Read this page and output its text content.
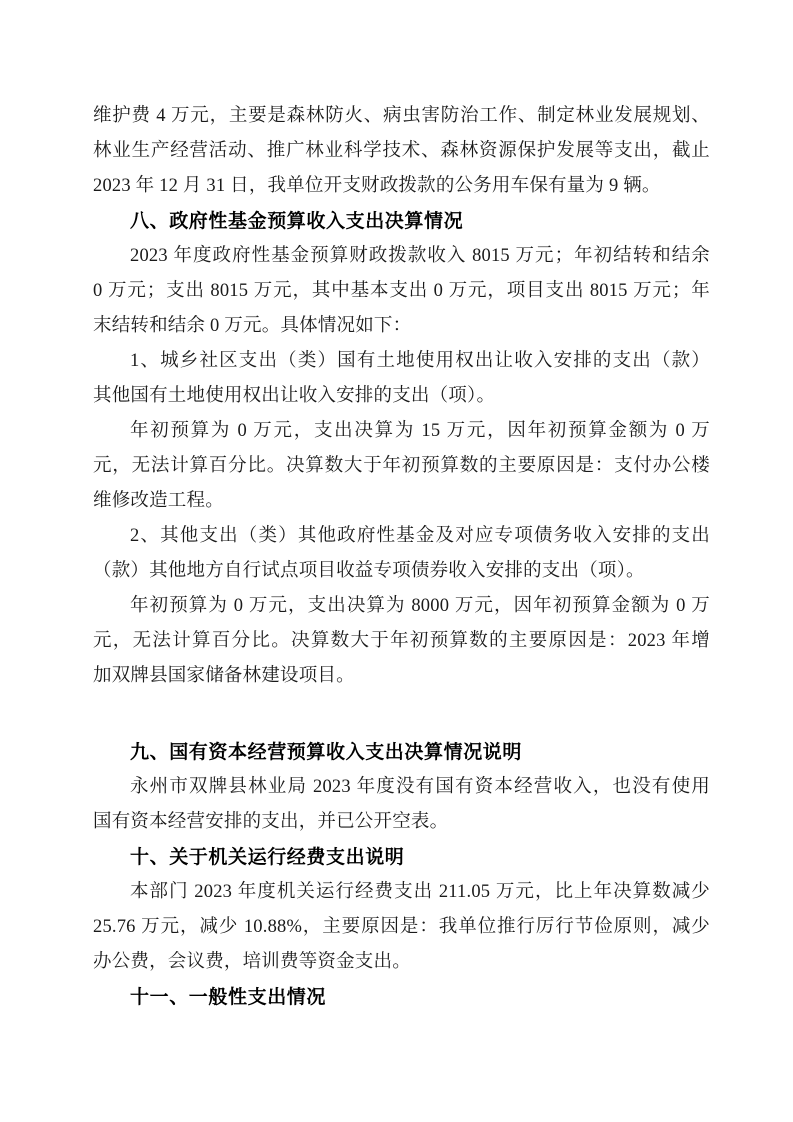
维护费 4 万元，主要是森林防火、病虫害防治工作、制定林业发展规划、
林业生产经营活动、推广林业科学技术、森林资源保护发展等支出，截止
2023 年 12 月 31 日，我单位开支财政拨款的公务用车保有量为 9 辆。
八、政府性基金预算收入支出决算情况
2023 年度政府性基金预算财政拨款收入 8015 万元；年初结转和结余
0 万元；支出 8015 万元，其中基本支出 0 万元，项目支出 8015 万元；年
末结转和结余 0 万元。具体情况如下：
1、城乡社区支出（类）国有土地使用权出让收入安排的支出（款）
其他国有土地使用权出让收入安排的支出（项）。
年初预算为 0 万元，支出决算为 15 万元，因年初预算金额为 0 万
元，无法计算百分比。决算数大于年初预算数的主要原因是：支付办公楼
维修改造工程。
2、其他支出（类）其他政府性基金及对应专项债务收入安排的支出
（款）其他地方自行试点项目收益专项债券收入安排的支出（项）。
年初预算为 0 万元，支出决算为 8000 万元，因年初预算金额为 0 万
元，无法计算百分比。决算数大于年初预算数的主要原因是：2023 年增
加双牌县国家储备林建设项目。
九、国有资本经营预算收入支出决算情况说明
永州市双牌县林业局 2023 年度没有国有资本经营收入，也没有使用
国有资本经营安排的支出，并已公开空表。
十、关于机关运行经费支出说明
本部门 2023 年度机关运行经费支出 211.05 万元，比上年决算数减少
25.76 万元，减少 10.88%，主要原因是：我单位推行厉行节俭原则，减少
办公费，会议费，培训费等资金支出。
十一、一般性支出情况
